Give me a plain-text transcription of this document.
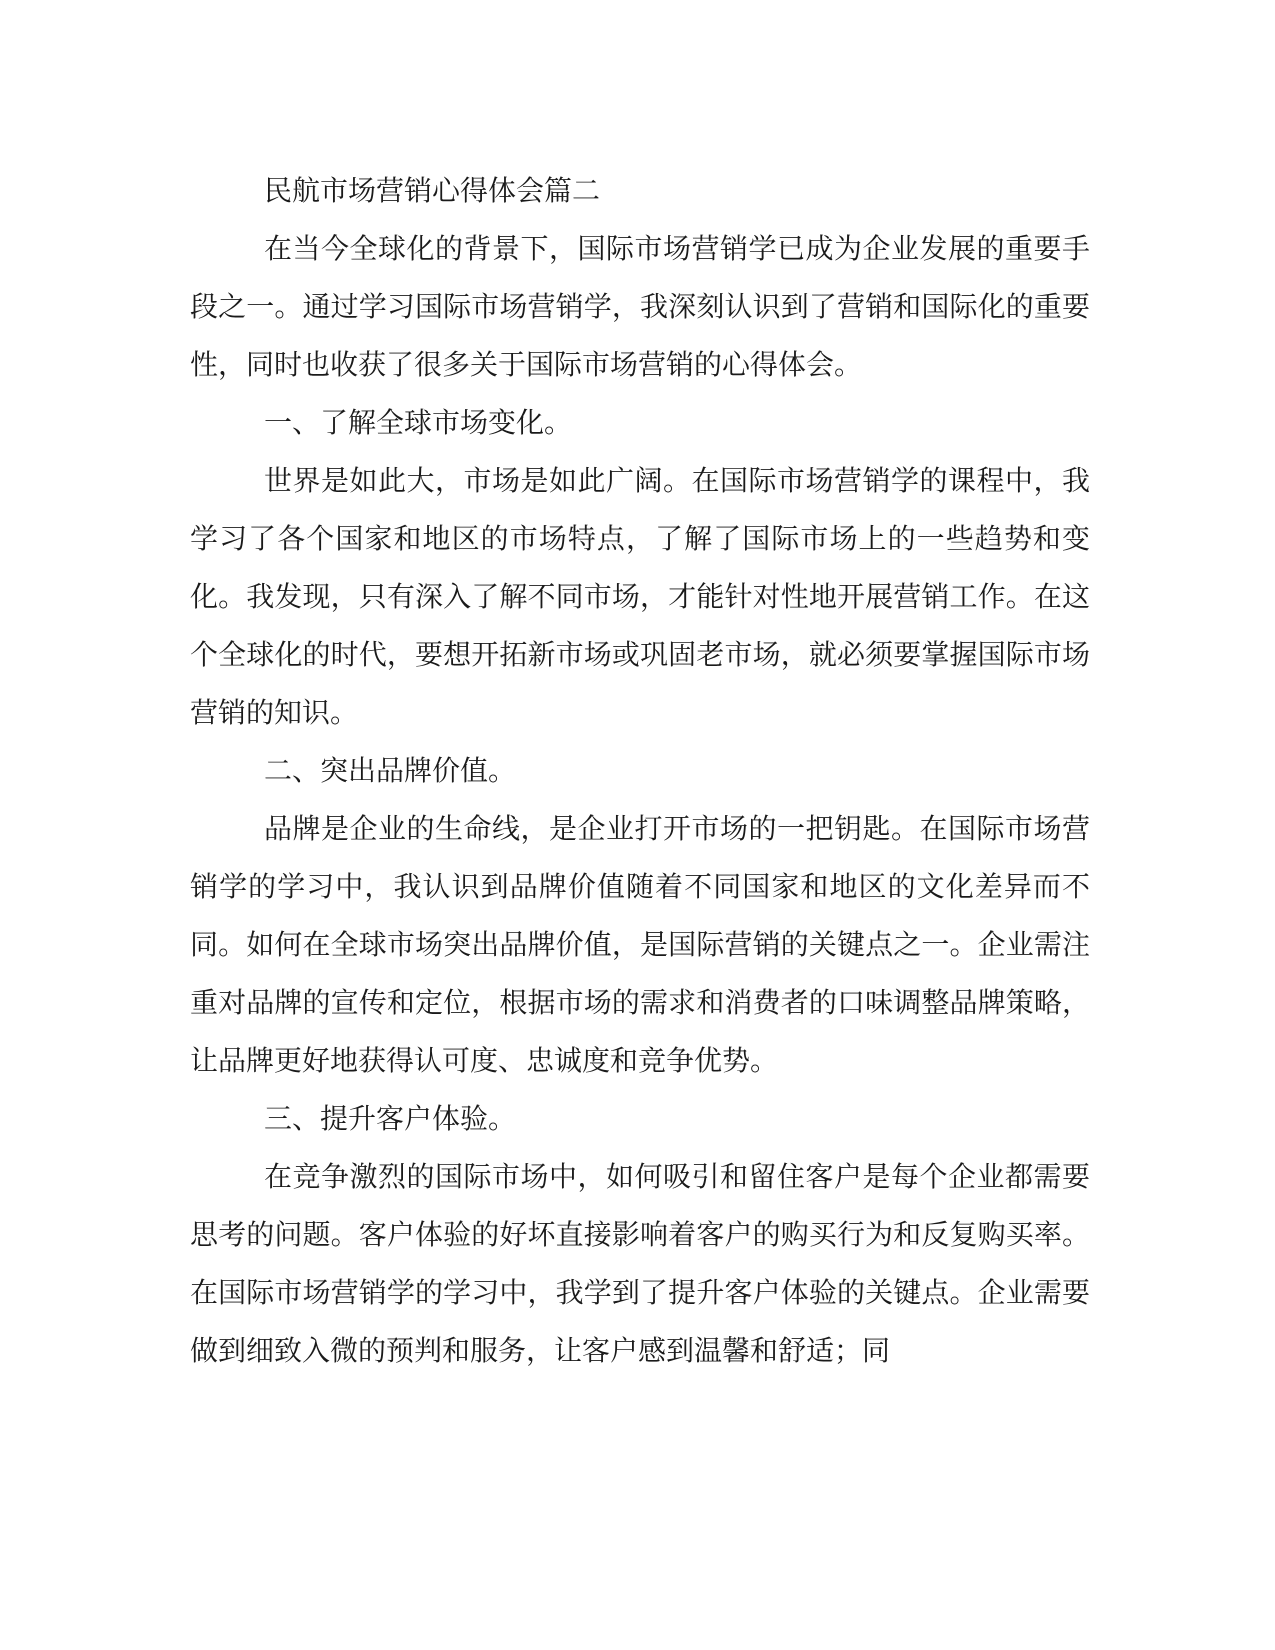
民航市场营销心得体会篇二

在当今全球化的背景下，国际市场营销学已成为企业发展的重要手段之一。通过学习国际市场营销学，我深刻认识到了营销和国际化的重要性，同时也收获了很多关于国际市场营销的心得体会。

一、了解全球市场变化。

世界是如此大，市场是如此广阔。在国际市场营销学的课程中，我学习了各个国家和地区的市场特点，了解了国际市场上的一些趋势和变化。我发现，只有深入了解不同市场，才能针对性地开展营销工作。在这个全球化的时代，要想开拓新市场或巩固老市场，就必须要掌握国际市场营销的知识。

二、突出品牌价值。

品牌是企业的生命线，是企业打开市场的一把钥匙。在国际市场营销学的学习中，我认识到品牌价值随着不同国家和地区的文化差异而不同。如何在全球市场突出品牌价值，是国际营销的关键点之一。企业需注重对品牌的宣传和定位，根据市场的需求和消费者的口味调整品牌策略，让品牌更好地获得认可度、忠诚度和竞争优势。

三、提升客户体验。

在竞争激烈的国际市场中，如何吸引和留住客户是每个企业都需要思考的问题。客户体验的好坏直接影响着客户的购买行为和反复购买率。在国际市场营销学的学习中，我学到了提升客户体验的关键点。企业需要做到细致入微的预判和服务，让客户感到温馨和舒适；同
